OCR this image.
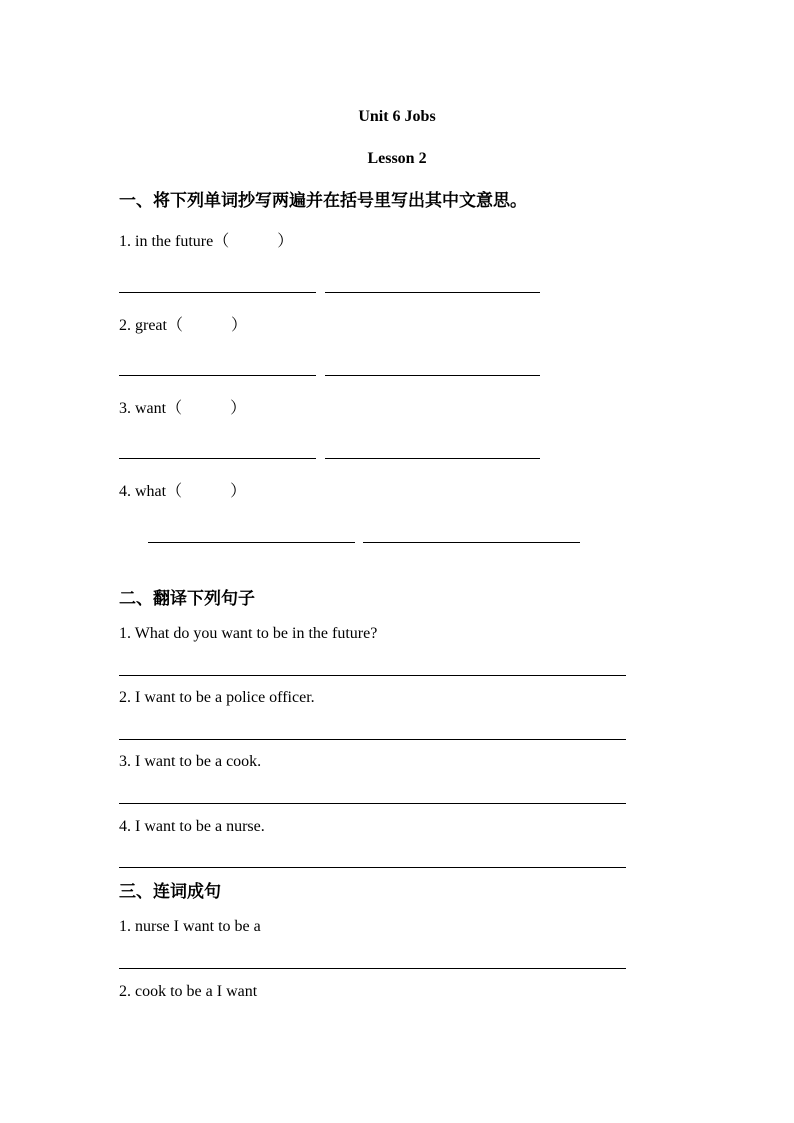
Unit 6 Jobs
Lesson 2
一、将下列单词抄写两遍并在括号里写出其中文意思。
1. in the future（            ）
2. great（            ）
3. want（            ）
4. what（            ）
二、翻译下列句子
1. What do you want to be in the future?
2. I want to be a police officer.
3. I want to be a cook.
4. I want to be a nurse.
三、连词成句
1. nurse I want to be a
2. cook to be a I want
